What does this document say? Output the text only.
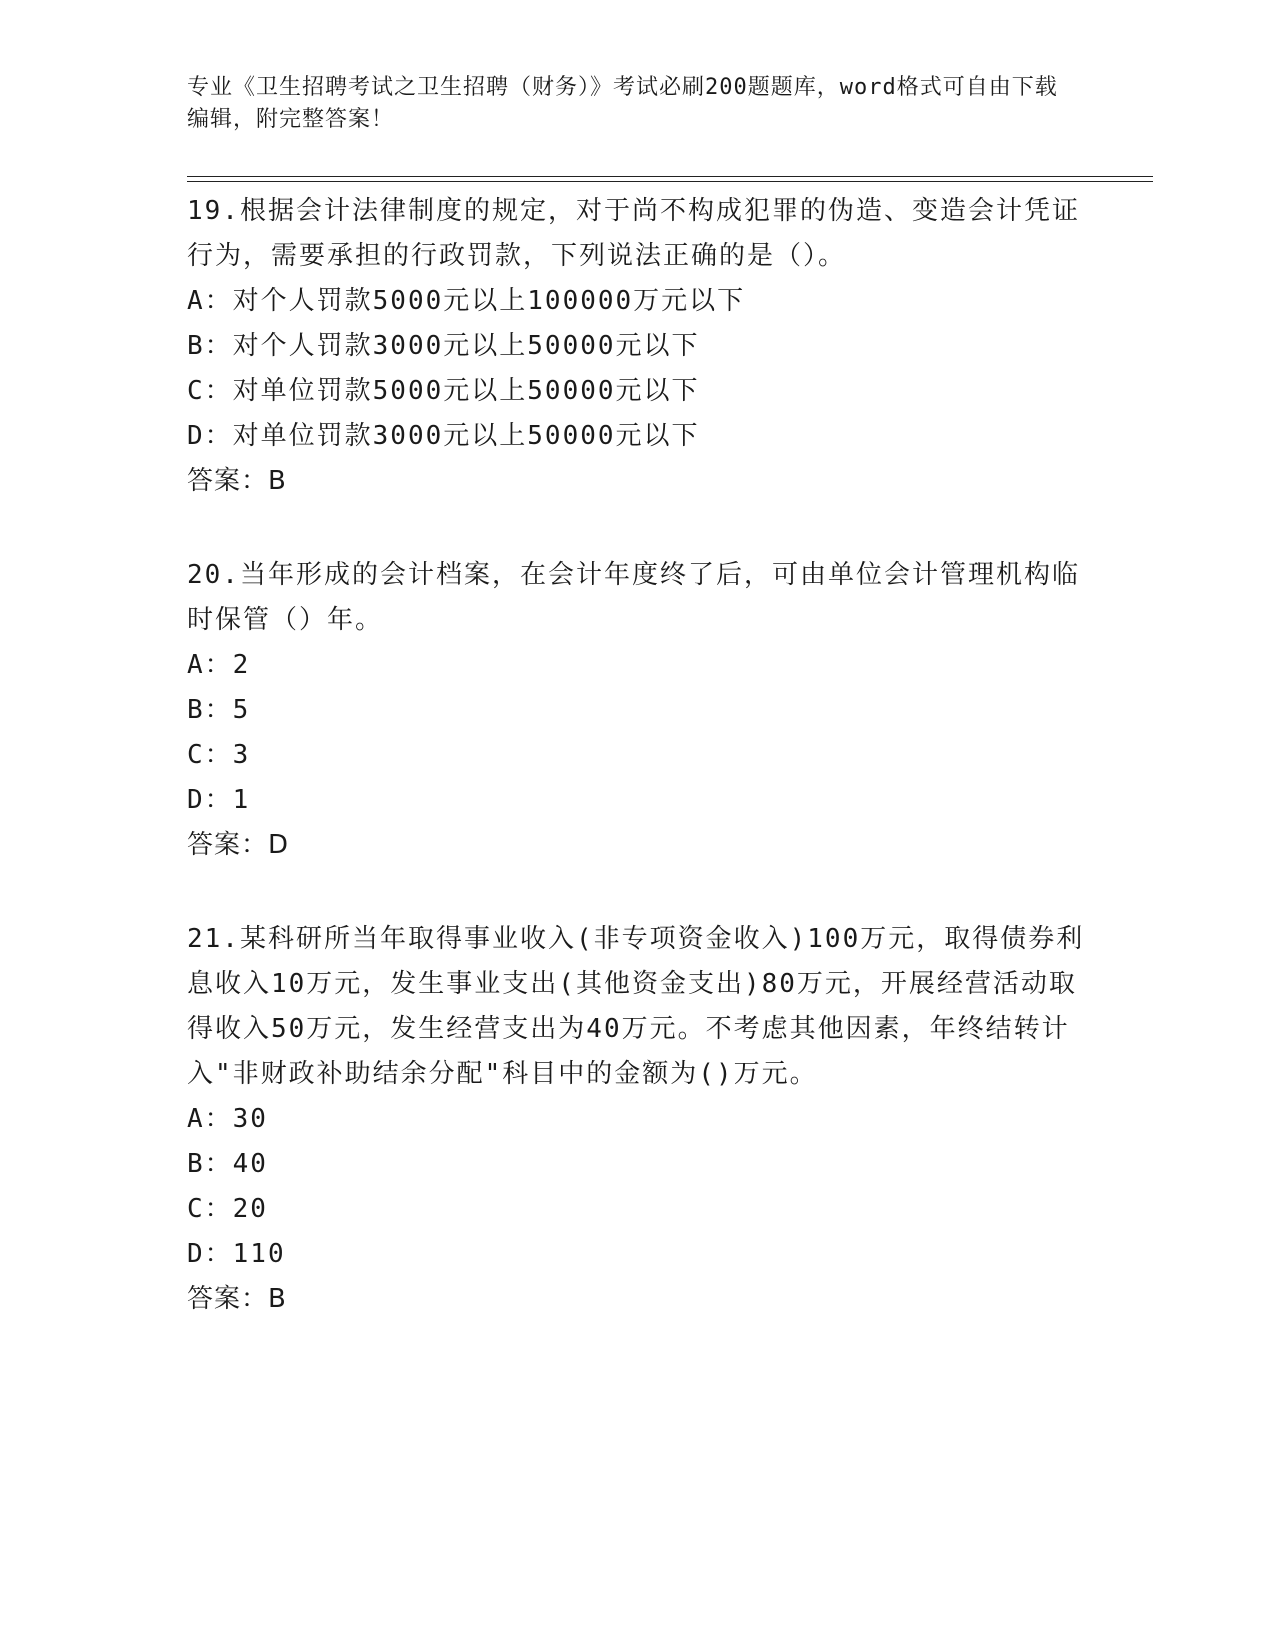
专业《卫生招聘考试之卫生招聘（财务）》考试必刷200题题库，word格式可自由下载编辑，附完整答案！
19.根据会计法律制度的规定，对于尚不构成犯罪的伪造、变造会计凭证行为，需要承担的行政罚款，下列说法正确的是（）。
A：对个人罚款5000元以上100000万元以下
B：对个人罚款3000元以上50000元以下
C：对单位罚款5000元以上50000元以下
D：对单位罚款3000元以上50000元以下
答案：B
20.当年形成的会计档案，在会计年度终了后，可由单位会计管理机构临时保管（）年。
A：2
B：5
C：3
D：1
答案：D
21.某科研所当年取得事业收入(非专项资金收入)100万元，取得债券利息收入10万元，发生事业支出(其他资金支出)80万元，开展经营活动取得收入50万元，发生经营支出为40万元。不考虑其他因素，年终结转计入"非财政补助结余分配"科目中的金额为()万元。
A：30
B：40
C：20
D：110
答案：B
